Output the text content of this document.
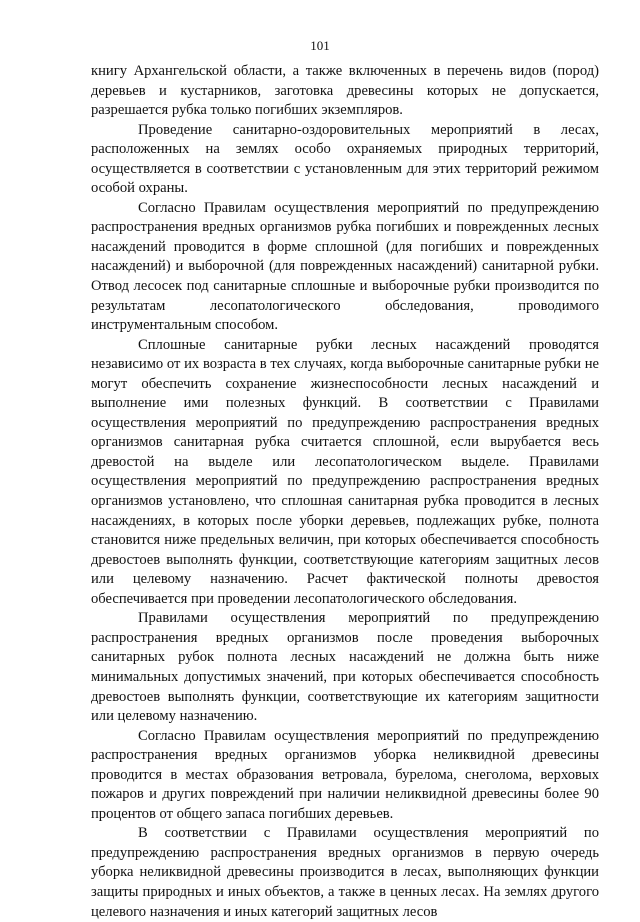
101

книгу Архангельской области, а также включенных в перечень видов (пород) деревьев и кустарников, заготовка древесины которых не допускается, разрешается рубка только погибших экземпляров.

Проведение санитарно-оздоровительных мероприятий в лесах, расположенных на землях особо охраняемых природных территорий, осуществляется в соответствии с установленным для этих территорий режимом особой охраны.

Согласно Правилам осуществления мероприятий по предупреждению распространения вредных организмов рубка погибших и поврежденных лесных насаждений проводится в форме сплошной (для погибших и поврежденных насаждений) и выборочной (для поврежденных насаждений) санитарной рубки. Отвод лесосек под санитарные сплошные и выборочные рубки производится по результатам лесопатологического обследования, проводимого инструментальным способом.

Сплошные санитарные рубки лесных насаждений проводятся независимо от их возраста в тех случаях, когда выборочные санитарные рубки не могут обеспечить сохранение жизнеспособности лесных насаждений и выполнение ими полезных функций. В соответствии с Правилами осуществления мероприятий по предупреждению распространения вредных организмов санитарная рубка считается сплошной, если вырубается весь древостой на выделе или лесопатологическом выделе. Правилами осуществления мероприятий по предупреждению распространения вредных организмов установлено, что сплошная санитарная рубка проводится в лесных насаждениях, в которых после уборки деревьев, подлежащих рубке, полнота становится ниже предельных величин, при которых обеспечивается способность древостоев выполнять функции, соответствующие категориям защитных лесов или целевому назначению. Расчет фактической полноты древостоя обеспечивается при проведении лесопатологического обследования.

Правилами осуществления мероприятий по предупреждению распространения вредных организмов после проведения выборочных санитарных рубок полнота лесных насаждений не должна быть ниже минимальных допустимых значений, при которых обеспечивается способность древостоев выполнять функции, соответствующие их категориям защитности или целевому назначению.

Согласно Правилам осуществления мероприятий по предупреждению распространения вредных организмов уборка неликвидной древесины проводится в местах образования ветровала, бурелома, снеголома, верховых пожаров и других повреждений при наличии неликвидной древесины более 90 процентов от общего запаса погибших деревьев.

В соответствии с Правилами осуществления мероприятий по предупреждению распространения вредных организмов в первую очередь уборка неликвидной древесины производится в лесах, выполняющих функции защиты природных и иных объектов, а также в ценных лесах. На землях другого целевого назначения и иных категорий защитных лесов
